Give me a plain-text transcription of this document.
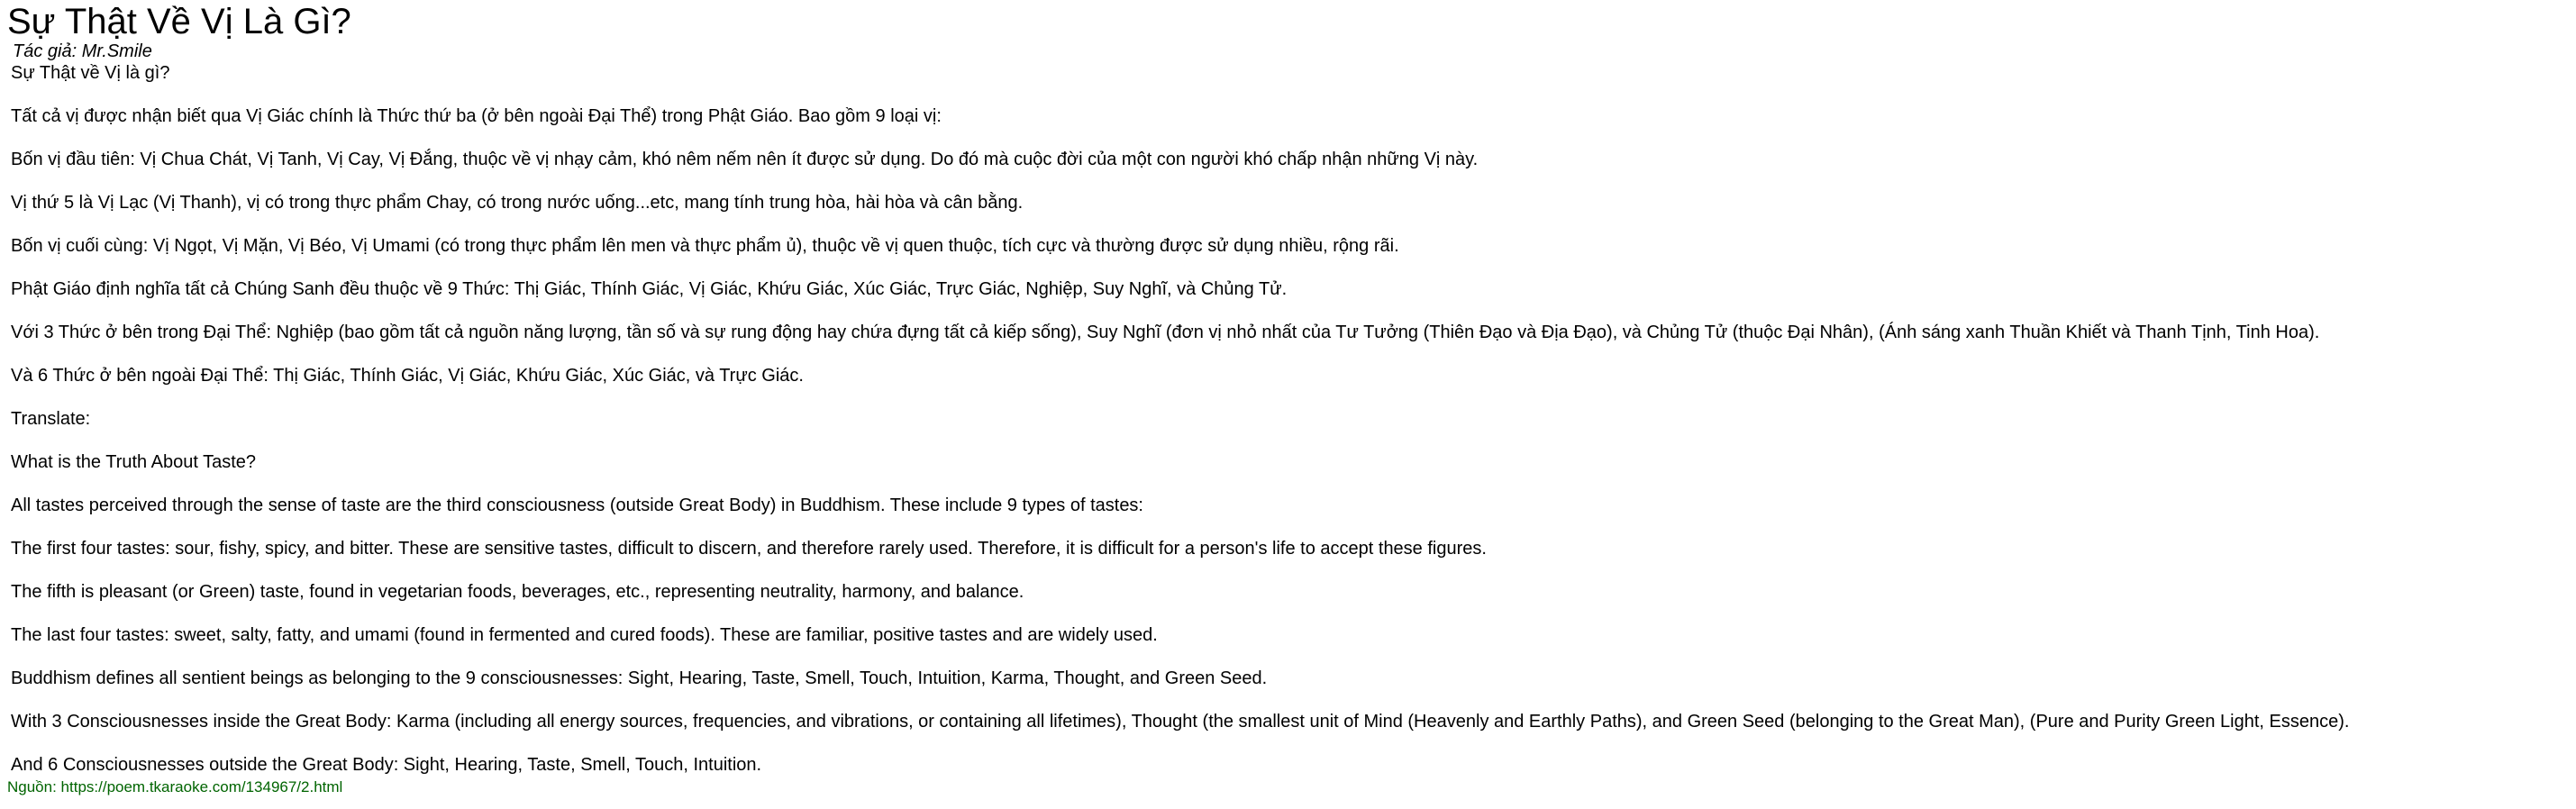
Sự Thật Về Vị Là Gì?
Tác giả: Mr.Smile

Sự Thật về Vị là gì?

Tất cả vị được nhận biết qua Vị Giác chính là Thức thứ ba (ở bên ngoài Đại Thể) trong Phật Giáo. Bao gồm 9 loại vị:

Bốn vị đầu tiên: Vị Chua Chát, Vị Tanh, Vị Cay, Vị Đắng, thuộc về vị nhạy cảm, khó nêm nếm nên ít được sử dụng. Do đó mà cuộc đời của một con người khó chấp nhận những Vị này.

Vị thứ 5 là Vị Lạc (Vị Thanh), vị có trong thực phẩm Chay, có trong nước uống...etc, mang tính trung hòa, hài hòa và cân bằng.

Bốn vị cuối cùng: Vị Ngọt, Vị Mặn, Vị Béo, Vị Umami (có trong thực phẩm lên men và thực phẩm ủ), thuộc về vị quen thuộc, tích cực và thường được sử dụng nhiều, rộng rãi.

Phật Giáo định nghĩa tất cả Chúng Sanh đều thuộc về 9 Thức: Thị Giác, Thính Giác, Vị Giác, Khứu Giác, Xúc Giác, Trực Giác, Nghiệp, Suy Nghĩ, và Chủng Tử.

Với 3 Thức ở bên trong Đại Thể: Nghiệp (bao gồm tất cả nguồn năng lượng, tần số và sự rung động hay chứa đựng tất cả kiếp sống), Suy Nghĩ (đơn vị nhỏ nhất của Tư Tưởng (Thiên Đạo và Địa Đạo), và Chủng Tử (thuộc Đại Nhân), (Ánh sáng xanh Thuần Khiết và Thanh Tịnh, Tinh Hoa).

Và 6 Thức ở bên ngoài Đại Thể: Thị Giác, Thính Giác, Vị Giác, Khứu Giác, Xúc Giác, và Trực Giác.

Translate:

What is the Truth About Taste?

All tastes perceived through the sense of taste are the third consciousness (outside Great Body) in Buddhism. These include 9 types of tastes:

The first four tastes: sour, fishy, spicy, and bitter. These are sensitive tastes, difficult to discern, and therefore rarely used. Therefore, it is difficult for a person's life to accept these figures.

The fifth is pleasant (or Green) taste, found in vegetarian foods, beverages, etc., representing neutrality, harmony, and balance.

The last four tastes: sweet, salty, fatty, and umami (found in fermented and cured foods). These are familiar, positive tastes and are widely used.

Buddhism defines all sentient beings as belonging to the 9 consciousnesses: Sight, Hearing, Taste, Smell, Touch, Intuition, Karma, Thought, and Green Seed.

With 3 Consciousnesses inside the Great Body: Karma (including all energy sources, frequencies, and vibrations, or containing all lifetimes), Thought (the smallest unit of Mind (Heavenly and Earthly Paths), and Green Seed (belonging to the Great Man), (Pure and Purity Green Light, Essence).

And 6 Consciousnesses outside the Great Body: Sight, Hearing, Taste, Smell, Touch, Intuition.

Nguồn: https://poem.tkaraoke.com/134967/2.html
